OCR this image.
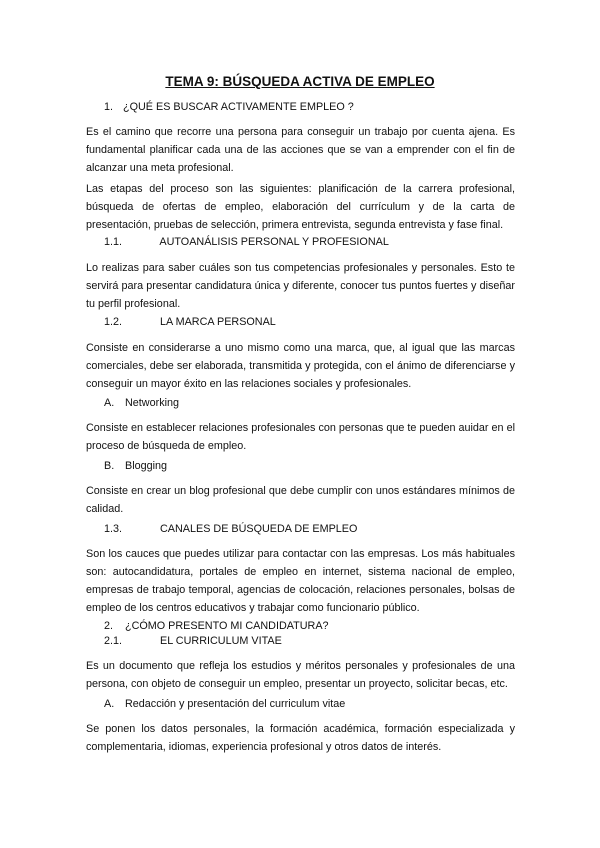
TEMA 9: BÚSQUEDA ACTIVA DE EMPLEO
1. ¿QUÉ ES BUSCAR ACTIVAMENTE EMPLEO ?
Es el camino que recorre una persona para conseguir un trabajo por cuenta ajena. Es fundamental planificar cada una de las acciones que se van a emprender con el fin de alcanzar una meta profesional.
Las etapas del proceso son las siguientes: planificación de la carrera profesional, búsqueda de ofertas de empleo, elaboración del currículum y de la carta de presentación, pruebas de selección, primera entrevista, segunda entrevista y fase final.
1.1.	AUTOANÁLISIS PERSONAL Y PROFESIONAL
Lo realizas para saber cuáles son tus competencias profesionales y personales. Esto te servirá para presentar candidatura única y diferente, conocer tus puntos fuertes y diseñar tu perfil profesional.
1.2.	LA MARCA PERSONAL
Consiste en considerarse a uno mismo como una marca, que, al igual que las marcas comerciales, debe ser elaborada, transmitida y protegida, con el ánimo de diferenciarse y conseguir un mayor éxito en las relaciones sociales y profesionales.
A. Networking
Consiste en establecer relaciones profesionales con personas que te pueden auidar en el proceso de búsqueda de empleo.
B. Blogging
Consiste en crear un blog profesional que debe cumplir con unos estándares mínimos de calidad.
1.3.	CANALES DE BÚSQUEDA DE EMPLEO
Son los cauces que puedes utilizar para contactar con las empresas. Los más habituales son: autocandidatura, portales de empleo en internet, sistema nacional de empleo, empresas de trabajo temporal, agencias de colocación, relaciones personales, bolsas de empleo de los centros educativos y trabajar como funcionario público.
2. ¿CÓMO PRESENTO MI CANDIDATURA?
2.1.	EL CURRICULUM VITAE
Es un documento que refleja los estudios y méritos personales y profesionales de una persona, con objeto de conseguir un empleo, presentar un proyecto, solicitar becas, etc.
A. Redacción y presentación del curriculum vitae
Se ponen los datos personales, la formación académica, formación especializada y complementaria, idiomas, experiencia profesional y otros datos de interés.
